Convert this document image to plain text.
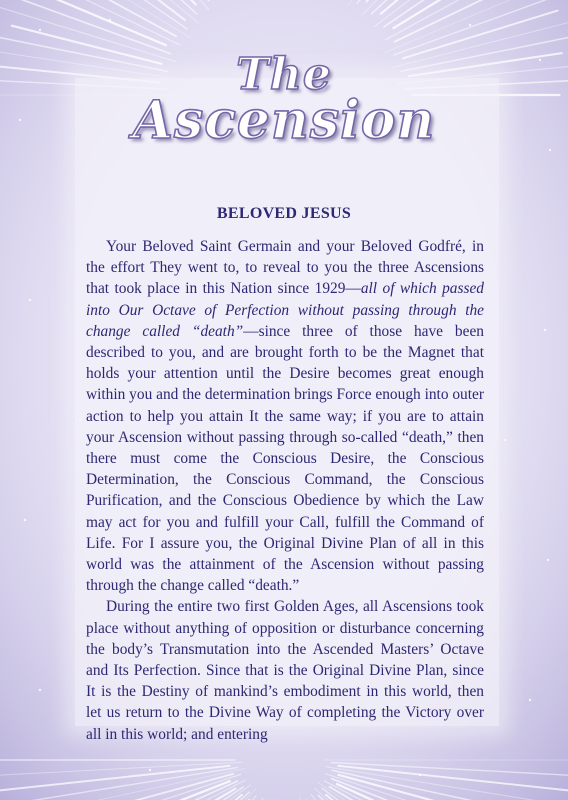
The
Ascension
BELOVED JESUS

Your Beloved Saint Germain and your Beloved Godfré, in the effort They went to, to reveal to you the three Ascensions that took place in this Nation since 1929—all of which passed into Our Octave of Perfection without passing through the change called “death”—since three of those have been described to you, and are brought forth to be the Magnet that holds your attention until the Desire becomes great enough within you and the determination brings Force enough into outer action to help you attain It the same way; if you are to attain your Ascension without passing through so-called “death,” then there must come the Conscious Desire, the Conscious Determination, the Conscious Command, the Conscious Purification, and the Conscious Obedience by which the Law may act for you and fulfill your Call, fulfill the Command of Life. For I assure you, the Original Divine Plan of all in this world was the attainment of the Ascension without passing through the change called “death.”

During the entire two first Golden Ages, all Ascensions took place without anything of opposition or disturbance concerning the body’s Transmutation into the Ascended Masters’ Octave and Its Perfection. Since that is the Original Divine Plan, since It is the Destiny of mankind’s embodiment in this world, then let us return to the Divine Way of completing the Victory over all in this world; and entering
